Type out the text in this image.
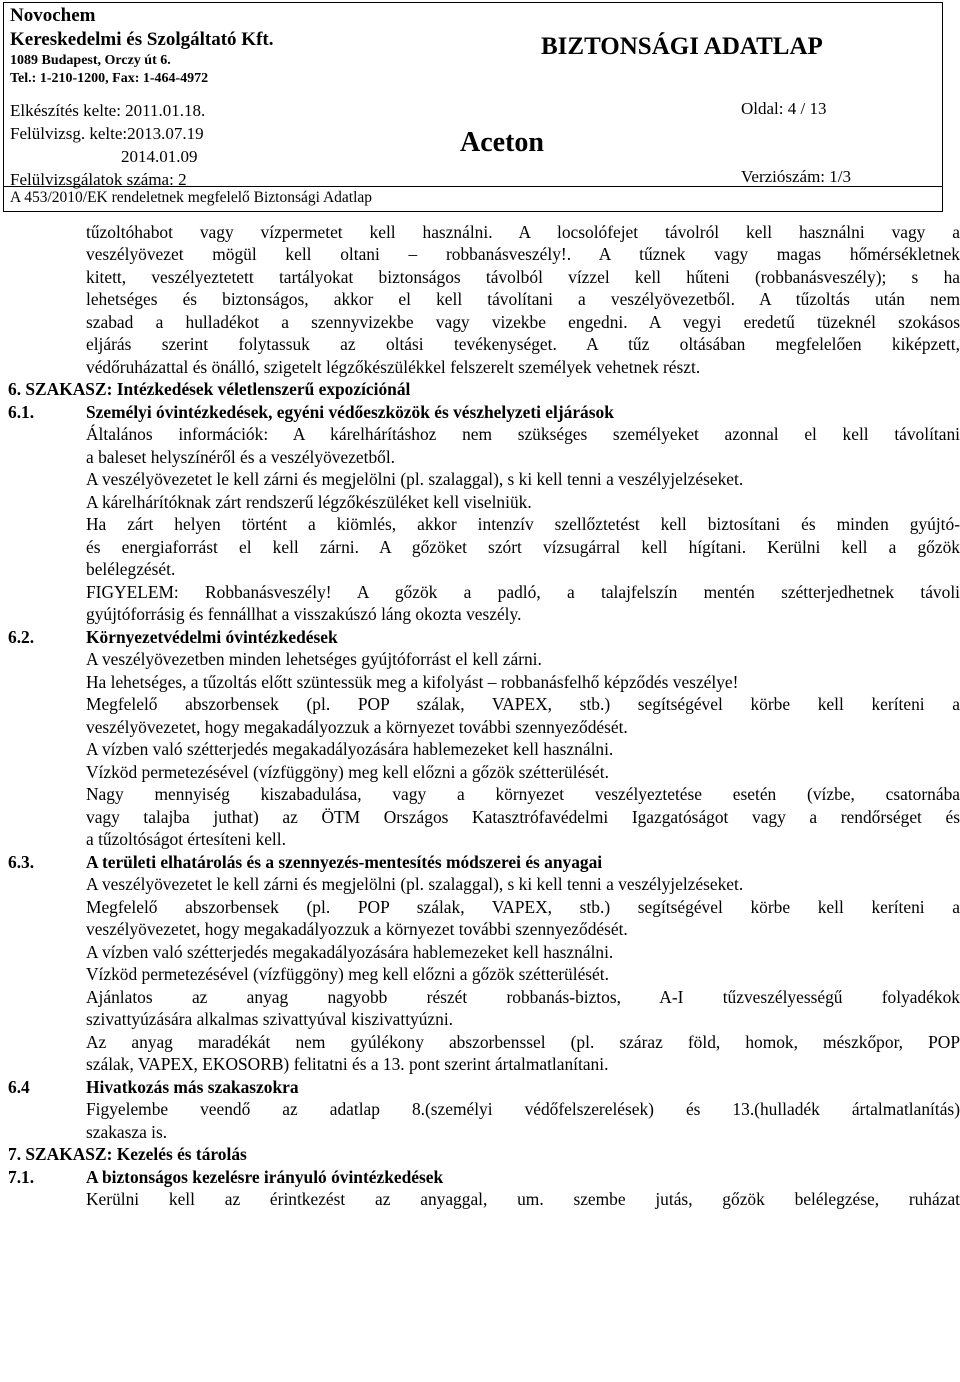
Novochem
Kereskedelmi és Szolgáltató Kft.
1089 Budapest, Orczy út 6.
Tel.: 1-210-1200, Fax: 1-464-4972
BIZTONSÁGI ADATLAP
Elkészítés kelte: 2011.01.18.
Felülvizsg. kelte:2013.07.19
2014.01.09
Felülvizsgálatok száma: 2
Aceton
Oldal: 4 / 13
Verziószám: 1/3
A 453/2010/EK rendeletnek megfelelő Biztonsági Adatlap
tűzoltóhabot vagy vízpermetet kell használni. A locsolófejet távolról kell használni vagy a
veszélyövezet mögül kell oltani – robbanásveszély!. A tűznek vagy magas hőmérsékletnek
kitett, veszélyeztetett tartályokat biztonságos távolból vízzel kell hűteni (robbanásveszély); s ha
lehetséges és biztonságos, akkor el kell távolítani a veszélyövezetből. A tűzoltás után nem
szabad a hulladékot a szennyvizekbe vagy vizekbe engedni. A vegyi eredetű tüzeknél szokásos
eljárás szerint folytassuk az oltási tevékenységet. A tűz oltásában megfelelően kiképzett,
védőruházattal és önálló, szigetelt légzőkészülékkel felszerelt személyek vehetnek részt.
6. SZAKASZ: Intézkedések véletlenszerű expozíciónál
6.1.	Személyi óvintézkedések, egyéni védőeszközök és vészhelyzeti eljárások
Általános információk: A kárelhárításhoz nem szükséges személyeket azonnal el kell távolítani
a baleset helyszínéről és a veszélyövezetből.
A veszélyövezetet le kell zárni és megjelölni (pl. szalaggal), s ki kell tenni a veszélyjelzéseket.
A kárelhárítóknak zárt rendszerű légzőkészüléket kell viselniük.
Ha zárt helyen történt a kiömlés, akkor intenzív szellőztetést kell biztosítani és minden gyújtó-
és energiaforrást el kell zárni. A gőzöket szórt vízsugárral kell hígítani. Kerülni kell a gőzök
belélegzését.
FIGYELEM: Robbanásveszély! A gőzök a padló, a talajfelszín mentén szétterjedhetnek távoli
gyújtóforrásig és fennállhat a visszakúszó láng okozta veszély.
6.2.	Környezetvédelmi óvintézkedések
A veszélyövezetben minden lehetséges gyújtóforrást el kell zárni.
Ha lehetséges, a tűzoltás előtt szüntessük meg a kifolyást – robbanásfelhő képződés veszélye!
Megfelelő abszorbensek (pl. POP szálak, VAPEX, stb.) segítségével körbe kell keríteni a
veszélyövezetet, hogy megakadályozzuk a környezet további szennyeződését.
A vízben való szétterjedés megakadályozására hablemezeket kell használni.
Vízköd permetezésével (vízfüggöny) meg kell előzni a gőzök szétterülését.
Nagy mennyiség kiszabadulása, vagy a környezet veszélyeztetése esetén (vízbe, csatornába
vagy talajba juthat) az ÖTM Országos Katasztrófavédelmi Igazgatóságot vagy a rendőrséget és
a tűzoltóságot értesíteni kell.
6.3.	A területi elhatárolás és a szennyezés-mentesítés módszerei és anyagai
A veszélyövezetet le kell zárni és megjelölni (pl. szalaggal), s ki kell tenni a veszélyjelzéseket.
Megfelelő abszorbensek (pl. POP szálak, VAPEX, stb.) segítségével körbe kell keríteni a
veszélyövezetet, hogy megakadályozzuk a környezet további szennyeződését.
A vízben való szétterjedés megakadályozására hablemezeket kell használni.
Vízköd permetezésével (vízfüggöny) meg kell előzni a gőzök szétterülését.
Ajánlatos az anyag nagyobb részét robbanás-biztos, A-I tűzveszélyességű folyadékok
szivattyúzására alkalmas szivattyúval kiszivattyúzni.
Az anyag maradékát nem gyúlékony abszorbenssel (pl. száraz föld, homok, mészkőpor, POP
szálak, VAPEX, EKOSORB) felitatni és a 13. pont szerint ártalmatlanítani.
6.4	Hivatkozás más szakaszokra
Figyelembe veendő az adatlap 8.(személyi védőfelszerelések) és 13.(hulladék ártalmatlanítás)
szakasza is.
7. SZAKASZ: Kezelés és tárolás
7.1.	A biztonságos kezelésre irányuló óvintézkedések
Kerülni kell az érintkezést az anyaggal, um. szembe jutás, gőzök belélegzése, ruházat
